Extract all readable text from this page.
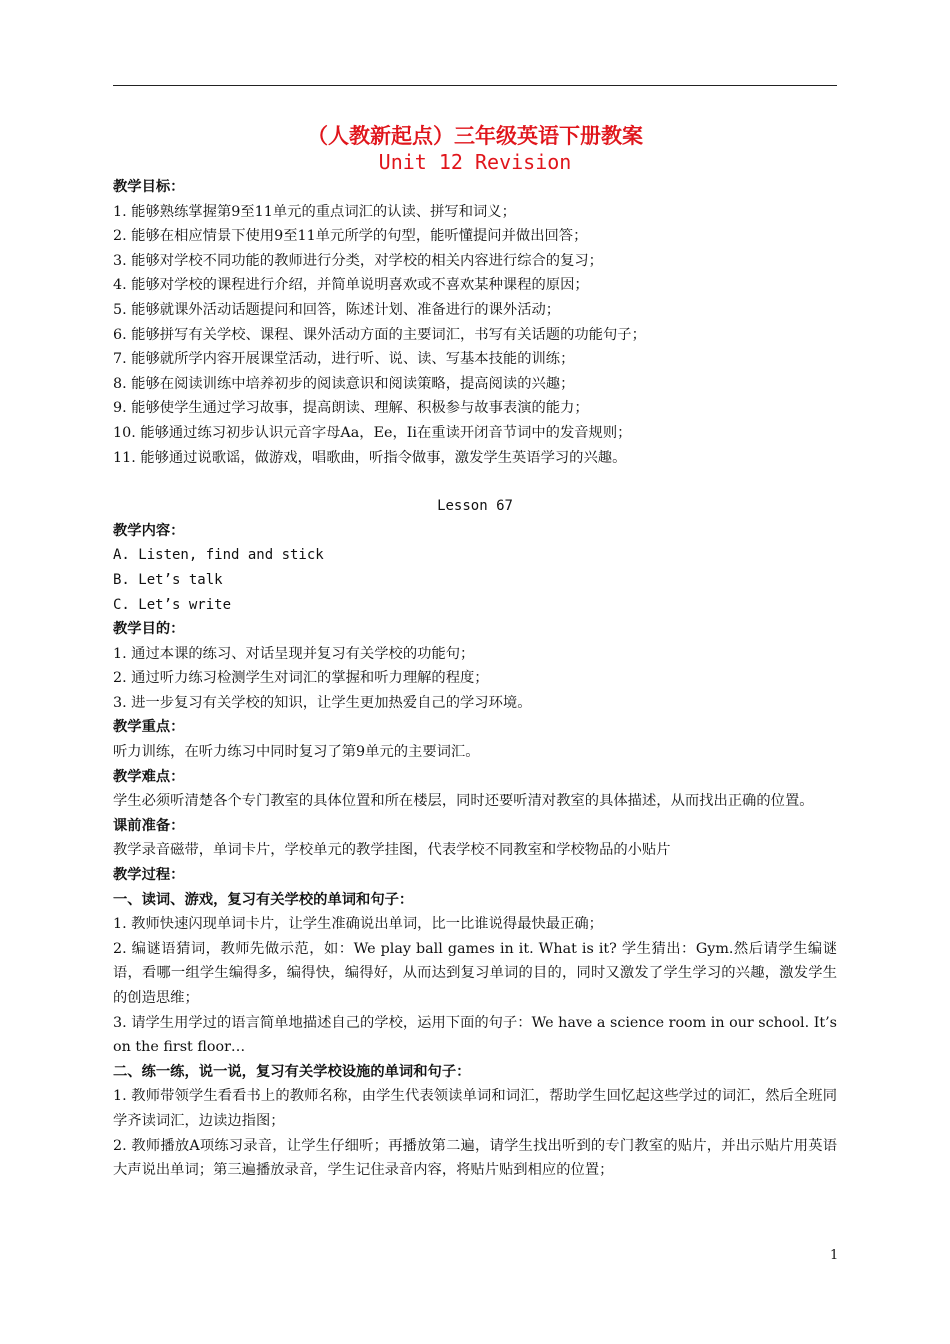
（人教新起点）三年级英语下册教案
Unit 12 Revision
教学目标：
1. 能够熟练掌握第9至11单元的重点词汇的认读、拼写和词义；
2. 能够在相应情景下使用9至11单元所学的句型，能听懂提问并做出回答；
3. 能够对学校不同功能的教师进行分类，对学校的相关内容进行综合的复习；
4. 能够对学校的课程进行介绍，并简单说明喜欢或不喜欢某种课程的原因；
5. 能够就课外活动话题提问和回答，陈述计划、准备进行的课外活动；
6. 能够拼写有关学校、课程、课外活动方面的主要词汇，书写有关话题的功能句子；
7. 能够就所学内容开展课堂活动，进行听、说、读、写基本技能的训练；
8. 能够在阅读训练中培养初步的阅读意识和阅读策略，提高阅读的兴趣；
9. 能够使学生通过学习故事，提高朗读、理解、积极参与故事表演的能力；
10. 能够通过练习初步认识元音字母Aa，Ee，Ii在重读开闭音节词中的发音规则；
11. 能够通过说歌谣，做游戏，唱歌曲，听指令做事，激发学生英语学习的兴趣。
Lesson 67
教学内容：
A. Listen, find and stick
B. Let’s talk
C. Let’s write
教学目的：
1. 通过本课的练习、对话呈现并复习有关学校的功能句；
2. 通过听力练习检测学生对词汇的掌握和听力理解的程度；
3. 进一步复习有关学校的知识，让学生更加热爱自己的学习环境。
教学重点：
听力训练，在听力练习中同时复习了第9单元的主要词汇。
教学难点：
学生必须听清楚各个专门教室的具体位置和所在楼层，同时还要听清对教室的具体描述，从而找出正确的位置。
课前准备：
教学录音磁带，单词卡片，学校单元的教学挂图，代表学校不同教室和学校物品的小贴片
教学过程：
一、读词、游戏，复习有关学校的单词和句子：
1. 教师快速闪现单词卡片，让学生准确说出单词，比一比谁说得最快最正确；
2. 编谜语猜词，教师先做示范，如：We play ball games in it. What is it? 学生猜出：Gym.然后请学生编谜语，看哪一组学生编得多，编得快，编得好，从而达到复习单词的目的，同时又激发了学生学习的兴趣，激发学生的创造思维；
3. 请学生用学过的语言简单地描述自己的学校，运用下面的句子：We have a science room in our school. It’s on the first floor…
二、练一练，说一说，复习有关学校设施的单词和句子：
1. 教师带领学生看看书上的教师名称，由学生代表领读单词和词汇，帮助学生回忆起这些学过的词汇，然后全班同学齐读词汇，边读边指图；
2. 教师播放A项练习录音，让学生仔细听；再播放第二遍，请学生找出听到的专门教室的贴片，并出示贴片用英语大声说出单词；第三遍播放录音，学生记住录音内容，将贴片贴到相应的位置；
1
